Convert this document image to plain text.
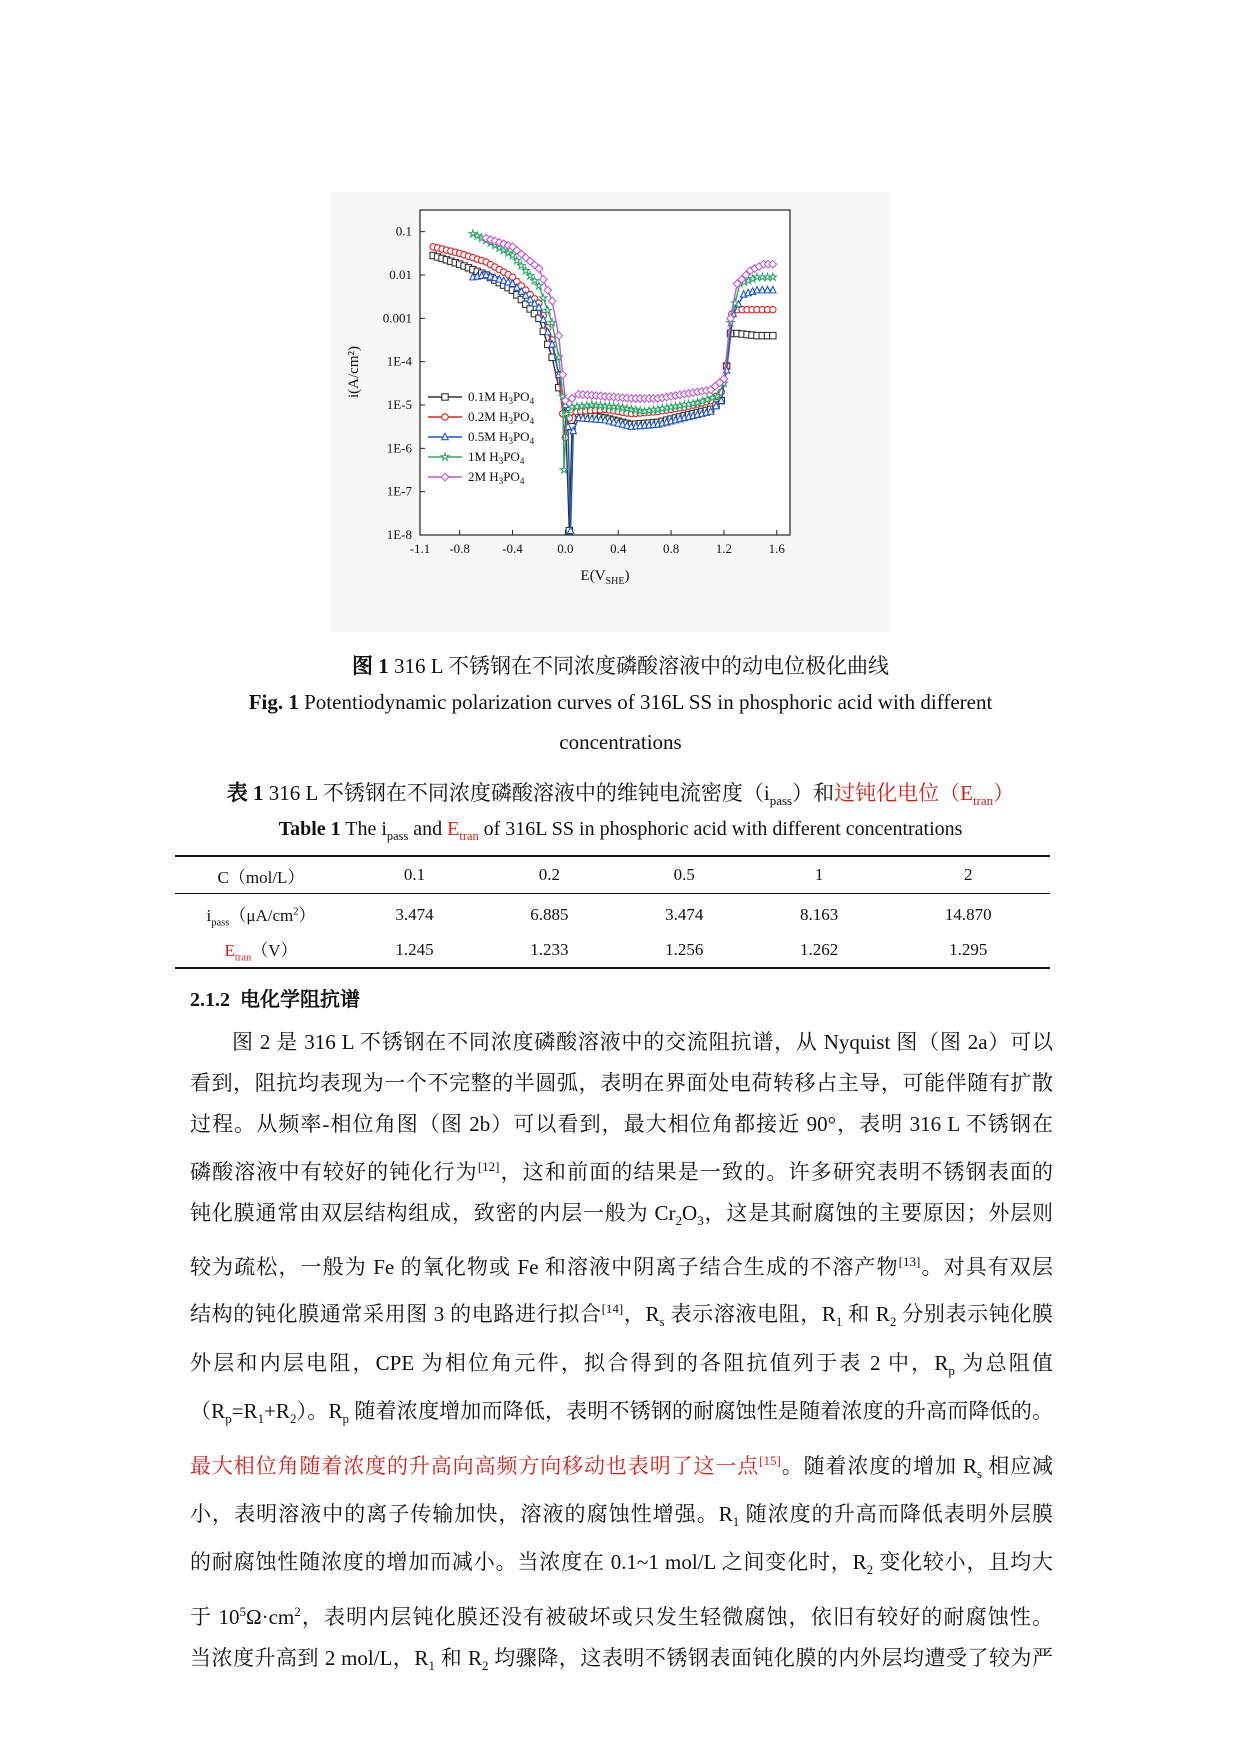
-1.1 -0.8 -0.4	0.0	0.4	0.8	1.2	1.6
0.1
0.01
0.001
1E-4
1E-5
1E-6
1E-7
1E-8
0.1M $H_3PO_4$
0.2M $H_3PO_4$
0.5M $H_3PO_4$
1M $H_3PO_4$
2M $H_3PO_4$
i(A/cm²)
$E(V_{SHE})$
图 1 316 L 不锈钢在不同浓度磷酸溶液中的动电位极化曲线
Fig. 1 Potentiodynamic polarization curves of 316L SS in phosphoric acid with different
concentrations
表 1 316 L 不锈钢在不同浓度磷酸溶液中的维钝电流密度$(i_{pass})$和过钝化电位$(E_{tran})$
Table 1 The $i_{pass}$ and $E_{tran}$ of 316L SS in phosphoric acid with different concentrations
C（mol/L）	0.1	0.2	0.5	1	2
$i_{pass}(\mu A/cm^2)$	3.474	6.885	3.474	8.163	14.870
$E_{tran}(V)$	1.245	1.233	1.256	1.262	1.295
2.1.2 电化学阻抗谱
图 2 是 316 L 不锈钢在不同浓度磷酸溶液中的交流阻抗谱，从 Nyquist 图（图 2a）可以
看到，阻抗均表现为一个不完整的半圆弧，表明在界面处电荷转移占主导，可能伴随有扩散
过程。从频率-相位角图（图 2b）可以看到，最大相位角都接近 90°，表明 316 L 不锈钢在
磷酸溶液中有较好的钝化行为[12]，这和前面的结果是一致的。许多研究表明不锈钢表面的
钝化膜通常由双层结构组成，致密的内层一般为 $Cr_2O_3$，这是其耐腐蚀的主要原因；外层则
较为疏松，一般为 Fe 的氧化物或 Fe 和溶液中阴离子结合生成的不溶产物[13]。对具有双层
结构的钝化膜通常采用图 3 的电路进行拟合[14]，$R_s$ 表示溶液电阻，$R_1$ 和 $R_2$ 分别表示钝化膜
外层和内层电阻，CPE 为相位角元件，拟合得到的各阻抗值列于表 2 中，$R_p$ 为总阻值
$(R_p=R_1+R_2)$。$R_p$ 随着浓度增加而降低，表明不锈钢的耐腐蚀性是随着浓度的升高而降低的。
最大相位角随着浓度的升高向高频方向移动也表明了这一点[15]。随着浓度的增加 $R_s$ 相应减
小，表明溶液中的离子传输加快，溶液的腐蚀性增强。$R_1$ 随浓度的升高而降低表明外层膜
的耐腐蚀性随浓度的增加而减小。当浓度在 0.1~1 mol/L 之间变化时，$R_2$ 变化较小，且均大
于 $10^5\Omega\cdot cm^2$，表明内层钝化膜还没有被破坏或只发生轻微腐蚀，依旧有较好的耐腐蚀性。
当浓度升高到 2 mol/L，$R_1$ 和 $R_2$ 均骤降，这表明不锈钢表面钝化膜的内外层均遭受了较为严
